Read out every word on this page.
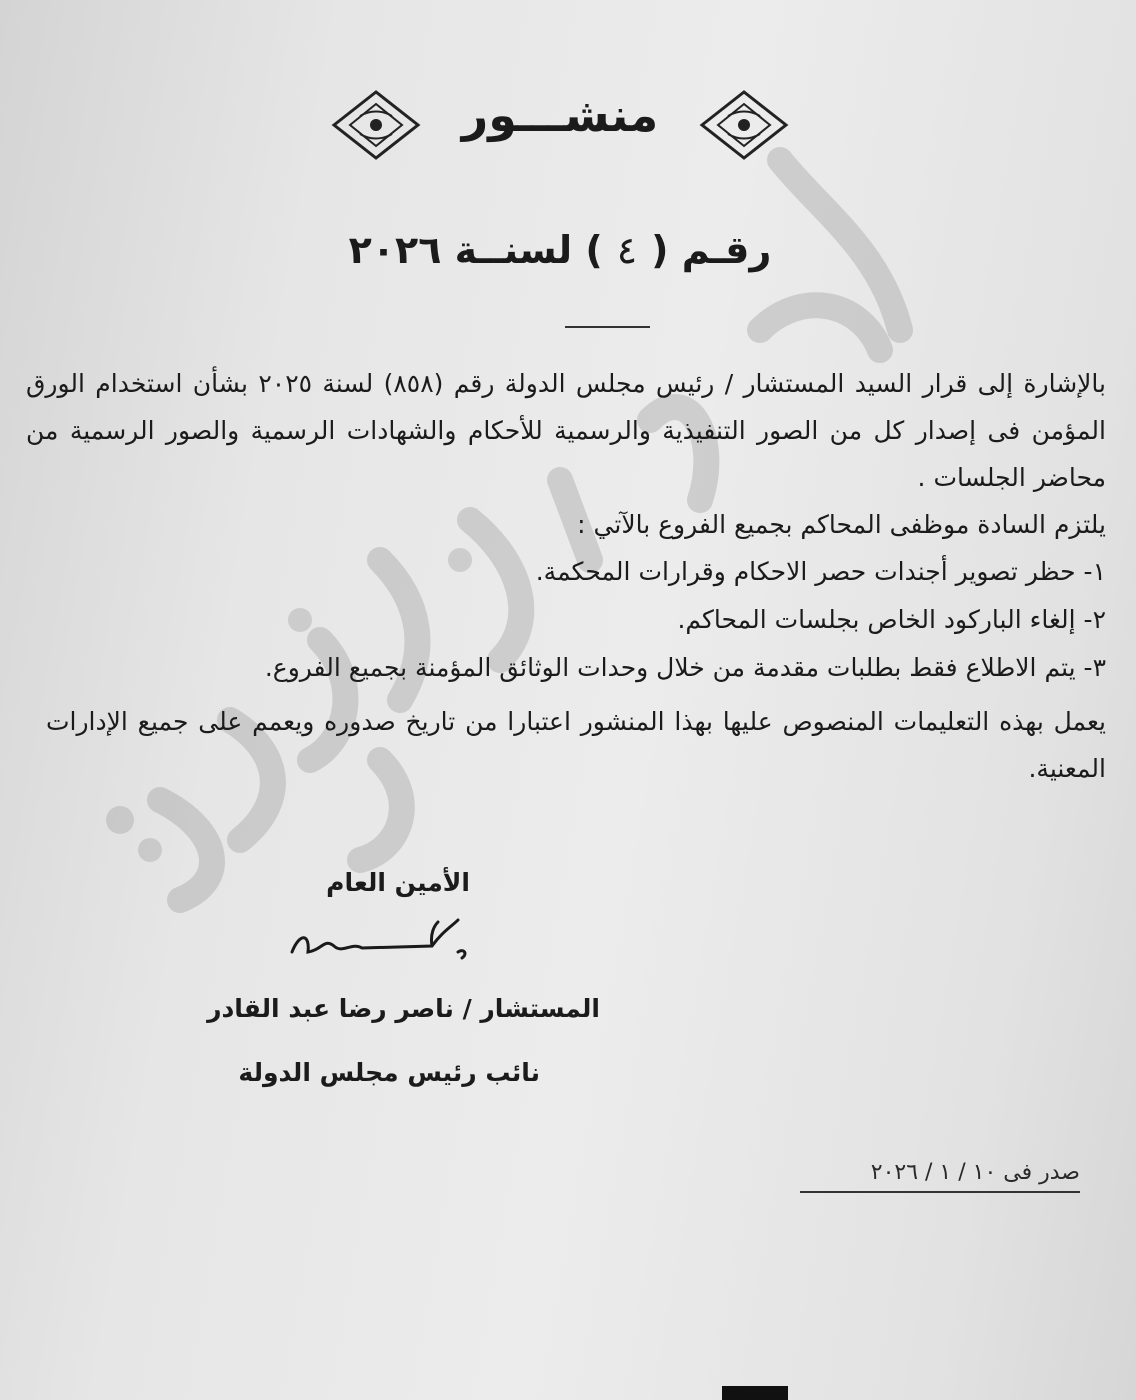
منشـــور
رقـم (٤) لسنــة ٢٠٢٦

بالإشارة إلى قرار السيد المستشار / رئيس مجلس الدولة رقم (٨٥٨) لسنة ٢٠٢٥ بشأن استخدام الورق المؤمن فى إصدار كل من الصور التنفيذية والرسمية للأحكام والشهادات الرسمية والصور الرسمية من محاضر الجلسات .

يلتزم السادة موظفى المحاكم بجميع الفروع بالآتي :

١- حظر تصوير أجندات حصر الاحكام وقرارات المحكمة.
٢- إلغاء الباركود الخاص بجلسات المحاكم.
٣- يتم الاطلاع فقط بطلبات مقدمة من خلال وحدات الوثائق المؤمنة بجميع الفروع.

يعمل بهذه التعليمات المنصوص عليها بهذا المنشور اعتبارا من تاريخ صدوره ويعمم على جميع الإدارات المعنية.

الأمين العام
المستشار / ناصر رضا عبد القادر
نائب رئيس مجلس الدولة
صدر فى ١٠ / ١ / ٢٠٢٦
